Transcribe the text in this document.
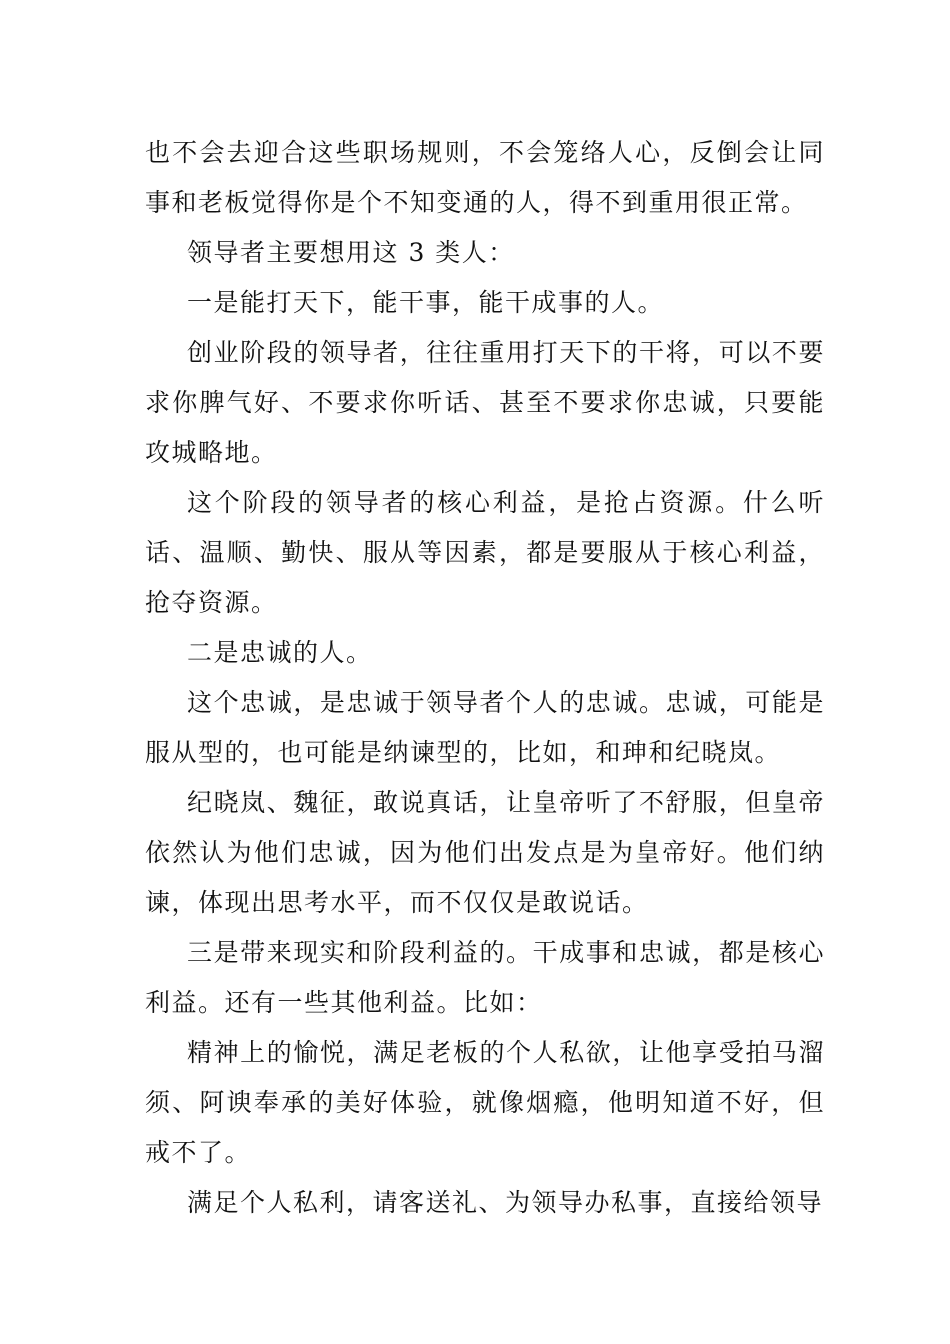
也不会去迎合这些职场规则，不会笼络人心，反倒会让同事和老板觉得你是个不知变通的人，得不到重用很正常。

领导者主要想用这 3 类人：

一是能打天下，能干事，能干成事的人。

创业阶段的领导者，往往重用打天下的干将，可以不要求你脾气好、不要求你听话、甚至不要求你忠诚，只要能攻城略地。

这个阶段的领导者的核心利益，是抢占资源。什么听话、温顺、勤快、服从等因素，都是要服从于核心利益，抢夺资源。

二是忠诚的人。

这个忠诚，是忠诚于领导者个人的忠诚。忠诚，可能是服从型的，也可能是纳谏型的，比如，和珅和纪晓岚。

纪晓岚、魏征，敢说真话，让皇帝听了不舒服，但皇帝依然认为他们忠诚，因为他们出发点是为皇帝好。他们纳谏，体现出思考水平，而不仅仅是敢说话。

三是带来现实和阶段利益的。干成事和忠诚，都是核心利益。还有一些其他利益。比如：

精神上的愉悦，满足老板的个人私欲，让他享受拍马溜须、阿谀奉承的美好体验，就像烟瘾，他明知道不好，但戒不了。

满足个人私利，请客送礼、为领导办私事，直接给领导
